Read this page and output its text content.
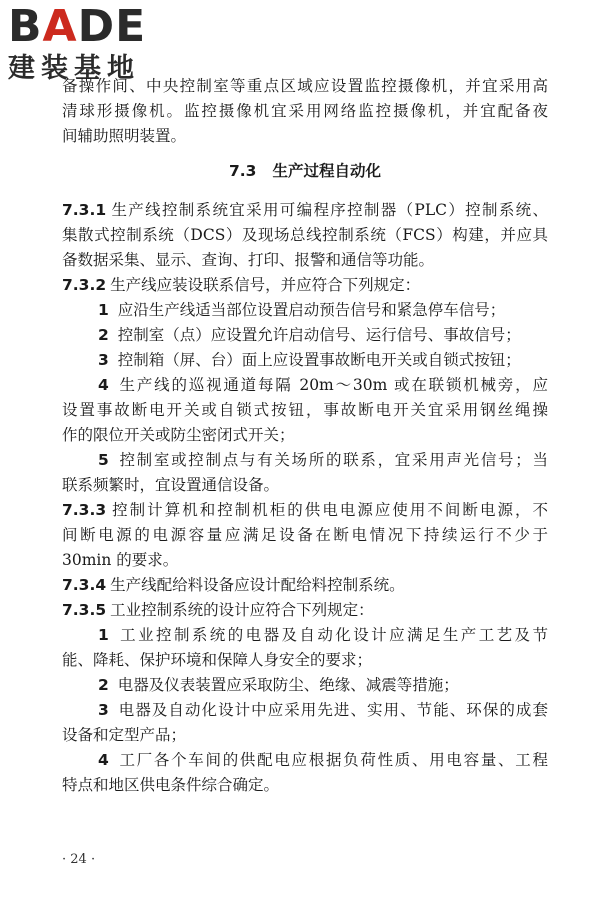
BADE
建装基地
备操作间、中央控制室等重点区域应设置监控摄像机，并宜采用高
清球形摄像机。监控摄像机宜采用网络监控摄像机，并宜配备夜
间辅助照明装置。
7.3 生产过程自动化
7.3.1 生产线控制系统宜采用可编程序控制器（PLC）控制系统、
集散式控制系统（DCS）及现场总线控制系统（FCS）构建，并应具
备数据采集、显示、查询、打印、报警和通信等功能。
7.3.2 生产线应装设联系信号，并应符合下列规定：
1 应沿生产线适当部位设置启动预告信号和紧急停车信号；
2 控制室（点）应设置允许启动信号、运行信号、事故信号；
3 控制箱（屏、台）面上应设置事故断电开关或自锁式按钮；
4 生产线的巡视通道每隔 20m～30m 或在联锁机械旁，应
设置事故断电开关或自锁式按钮，事故断电开关宜采用钢丝绳操
作的限位开关或防尘密闭式开关；
5 控制室或控制点与有关场所的联系，宜采用声光信号；当
联系频繁时，宜设置通信设备。
7.3.3 控制计算机和控制机柜的供电电源应使用不间断电源，不
间断电源的电源容量应满足设备在断电情况下持续运行不少于
30min 的要求。
7.3.4 生产线配给料设备应设计配给料控制系统。
7.3.5 工业控制系统的设计应符合下列规定：
1 工业控制系统的电器及自动化设计应满足生产工艺及节
能、降耗、保护环境和保障人身安全的要求；
2 电器及仪表装置应采取防尘、绝缘、减震等措施；
3 电器及自动化设计中应采用先进、实用、节能、环保的成套
设备和定型产品；
4 工厂各个车间的供配电应根据负荷性质、用电容量、工程
特点和地区供电条件综合确定。
· 24 ·
